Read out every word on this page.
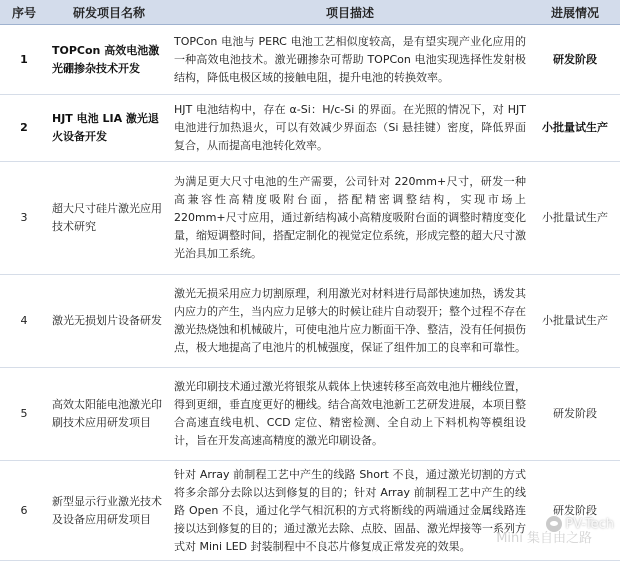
序号	研发项目名称	项目描述	进展情况
1	TOPCon 高效电池激光硼掺杂技术开发	TOPCon 电池与 PERC 电池工艺相似度较高，是有望实现产业化应用的一种高效电池技术。激光硼掺杂可帮助 TOPCon 电池实现选择性发射极结构，降低电极区域的接触电阻，提升电池的转换效率。	研发阶段
2	HJT 电池 LIA 激光退火设备开发	HJT 电池结构中，存在 α-Si：H/c-Si 的界面。在光照的情况下，对 HJT 电池进行加热退火，可以有效减少界面态（Si 悬挂键）密度，降低界面复合，从而提高电池转化效率。	小批量试生产
3	超大尺寸硅片激光应用技术研究	为满足更大尺寸电池的生产需要，公司针对 220mm+尺寸，研发一种高兼容性高精度吸附台面，搭配精密调整结构，实现市场上 220mm+尺寸应用，通过新结构减小高精度吸附台面的调整时精度变化量，缩短调整时间，搭配定制化的视觉定位系统，形成完整的超大尺寸激光治具加工系统。	小批量试生产
4	激光无损划片设备研发	激光无损采用应力切割原理，利用激光对材料进行局部快速加热，诱发其内应力的产生，当内应力足够大的时候让硅片自动裂开；整个过程不存在激光热烧蚀和机械破片，可使电池片应力断面干净、整洁，没有任何损伤点，极大地提高了电池片的机械强度，保证了组件加工的良率和可靠性。	小批量试生产
5	高效太阳能电池激光印刷技术应用研发项目	激光印刷技术通过激光将银浆从载体上快速转移至高效电池片栅线位置，得到更细，垂直度更好的栅线。结合高效电池新工艺研发进展，本项目整合高速直线电机、CCD 定位、精密检测、全自动上下料机构等模组设计，旨在开发高速高精度的激光印刷设备。	研发阶段
6	新型显示行业激光技术及设备应用研发项目	针对 Array 前制程工艺中产生的线路 Short 不良，通过激光切割的方式将多余部分去除以达到修复的目的；针对 Array 前制程工艺中产生的线路 Open 不良，通过化学气相沉积的方式将断线的两端通过金属线路连接以达到修复的目的；通过激光去除、点胶、固晶、激光焊接等一系列方式对 Mini LED 封装制程中不良芯片修复成正常发亮的效果。	研发阶段
PV-Tech
Mini 集自由之路
